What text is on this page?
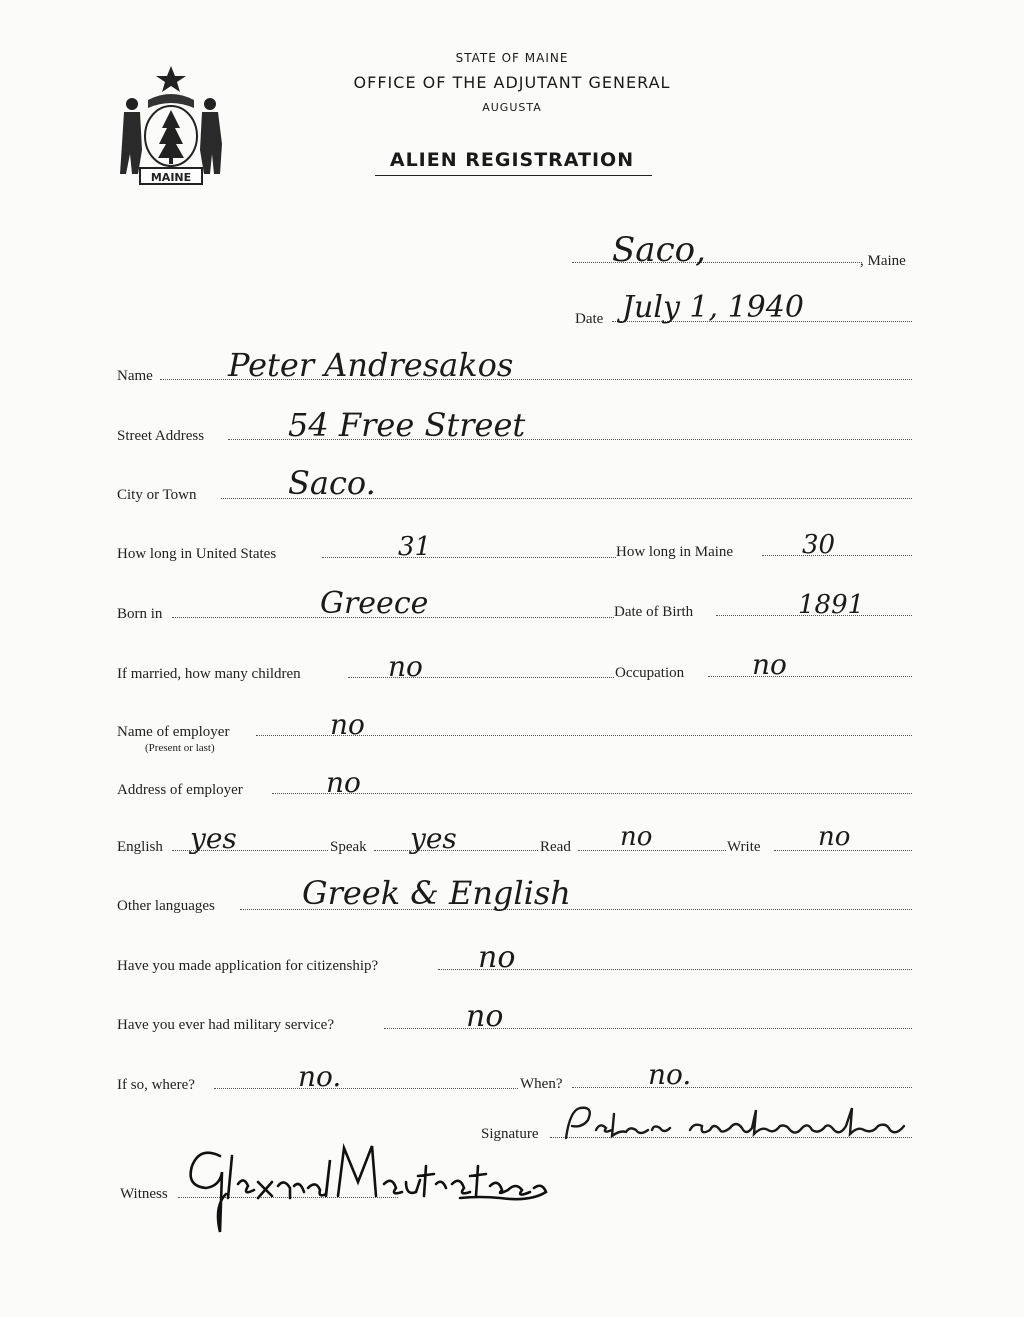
MAINE
STATE OF MAINE
OFFICE OF THE ADJUTANT GENERAL
AUGUSTA
ALIEN REGISTRATION
Saco,	, Maine
Date July 1, 1940
Name Peter Andresakos
Street Address	54 Free Street
City or Town	Saco.
How long in United States	31	How long in Maine	30
Born in	Greece	Date of Birth	1891
If married, how many children	no	Occupation no
Name of employer
(Present or last)
no
Address of employer	no
English yes	Speak yes	Read no	Write no
Other languages	Greek & English
Have you made application for citizenship?	no
Have you ever had military service?	no
If so, where?	no.	When?	no.
Signature
Witness
